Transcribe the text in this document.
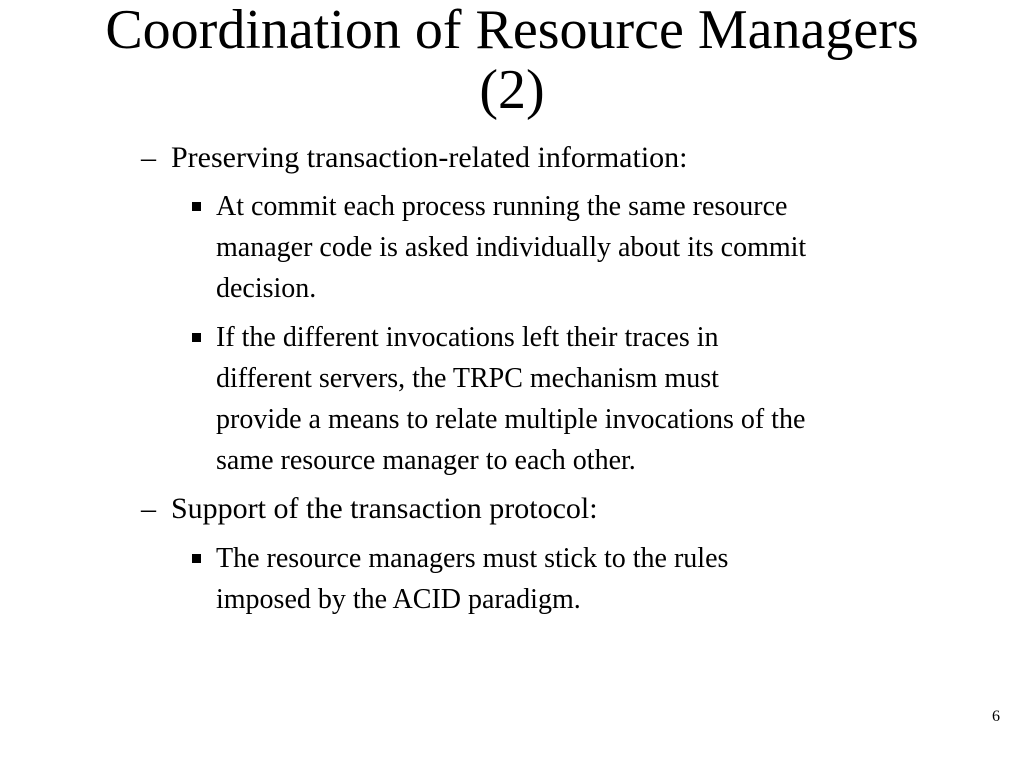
Coordination of Resource Managers
(2)
– Preserving transaction-related information:
At commit each process running the same resource
manager code is asked individually about its commit
decision.
If the different invocations left their traces in
different servers, the TRPC mechanism must
provide a means to relate multiple invocations of the
same resource manager to each other.
– Support of the transaction protocol:
The resource managers must stick to the rules
imposed by the ACID paradigm.
6
